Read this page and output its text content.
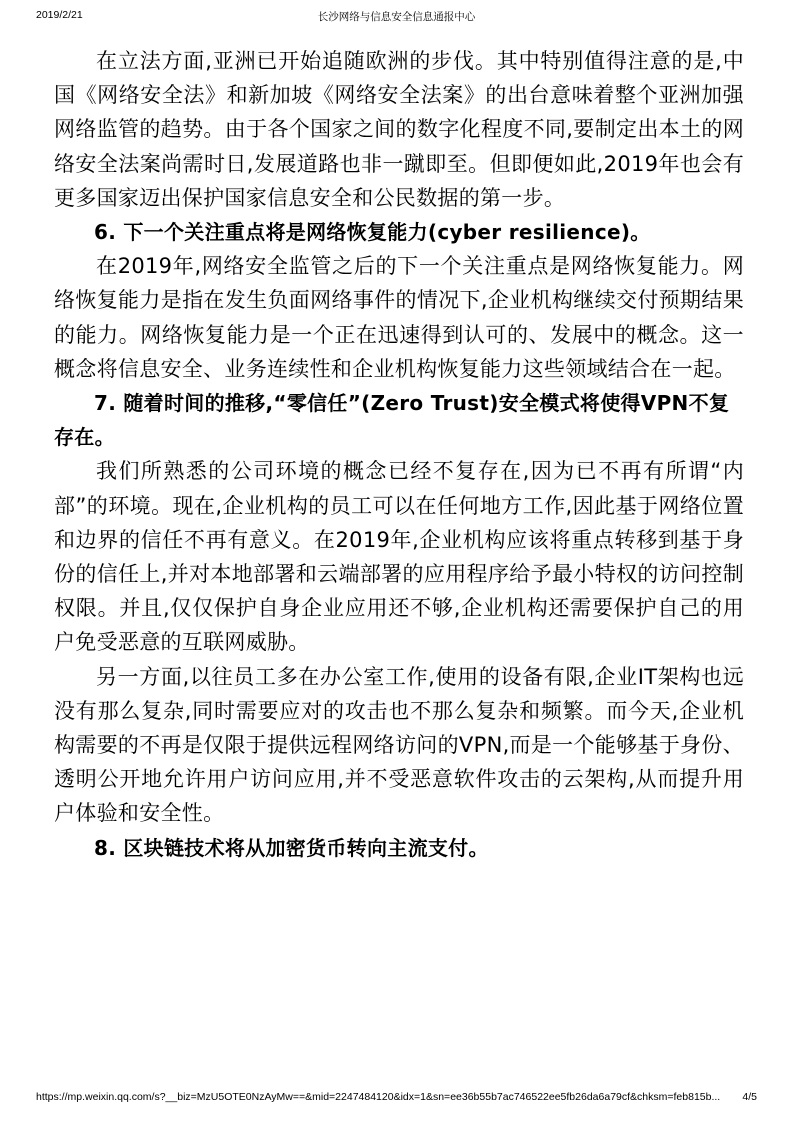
2019/2/21	长沙网络与信息安全信息通报中心

在立法方面,亚洲已开始追随欧洲的步伐。其中特别值得注意的是,中国《网络安全法》和新加坡《网络安全法案》的出台意味着整个亚洲加强网络监管的趋势。由于各个国家之间的数字化程度不同,要制定出本土的网络安全法案尚需时日,发展道路也非一蹴即至。但即便如此,2019年也会有更多国家迈出保护国家信息安全和公民数据的第一步。

6. 下一个关注重点将是网络恢复能力(cyber resilience)。

在2019年,网络安全监管之后的下一个关注重点是网络恢复能力。网络恢复能力是指在发生负面网络事件的情况下,企业机构继续交付预期结果的能力。网络恢复能力是一个正在迅速得到认可的、发展中的概念。这一概念将信息安全、业务连续性和企业机构恢复能力这些领域结合在一起。

7. 随着时间的推移,“零信任”(Zero Trust)安全模式将使得VPN不复存在。

我们所熟悉的公司环境的概念已经不复存在,因为已不再有所谓“内部”的环境。现在,企业机构的员工可以在任何地方工作,因此基于网络位置和边界的信任不再有意义。在2019年,企业机构应该将重点转移到基于身份的信任上,并对本地部署和云端部署的应用程序给予最小特权的访问控制权限。并且,仅仅保护自身企业应用还不够,企业机构还需要保护自己的用户免受恶意的互联网威胁。

另一方面,以往员工多在办公室工作,使用的设备有限,企业IT架构也远没有那么复杂,同时需要应对的攻击也不那么复杂和频繁。而今天,企业机构需要的不再是仅限于提供远程网络访问的VPN,而是一个能够基于身份、透明公开地允许用户访问应用,并不受恶意软件攻击的云架构,从而提升用户体验和安全性。

8. 区块链技术将从加密货币转向主流支付。
https://mp.weixin.qq.com/s?__biz=MzU5OTE0NzAyMw==&mid=2247484120&idx=1&sn=ee36b55b7ac746522ee5fb26da6a79cf&chksm=feb815b...	4/5
